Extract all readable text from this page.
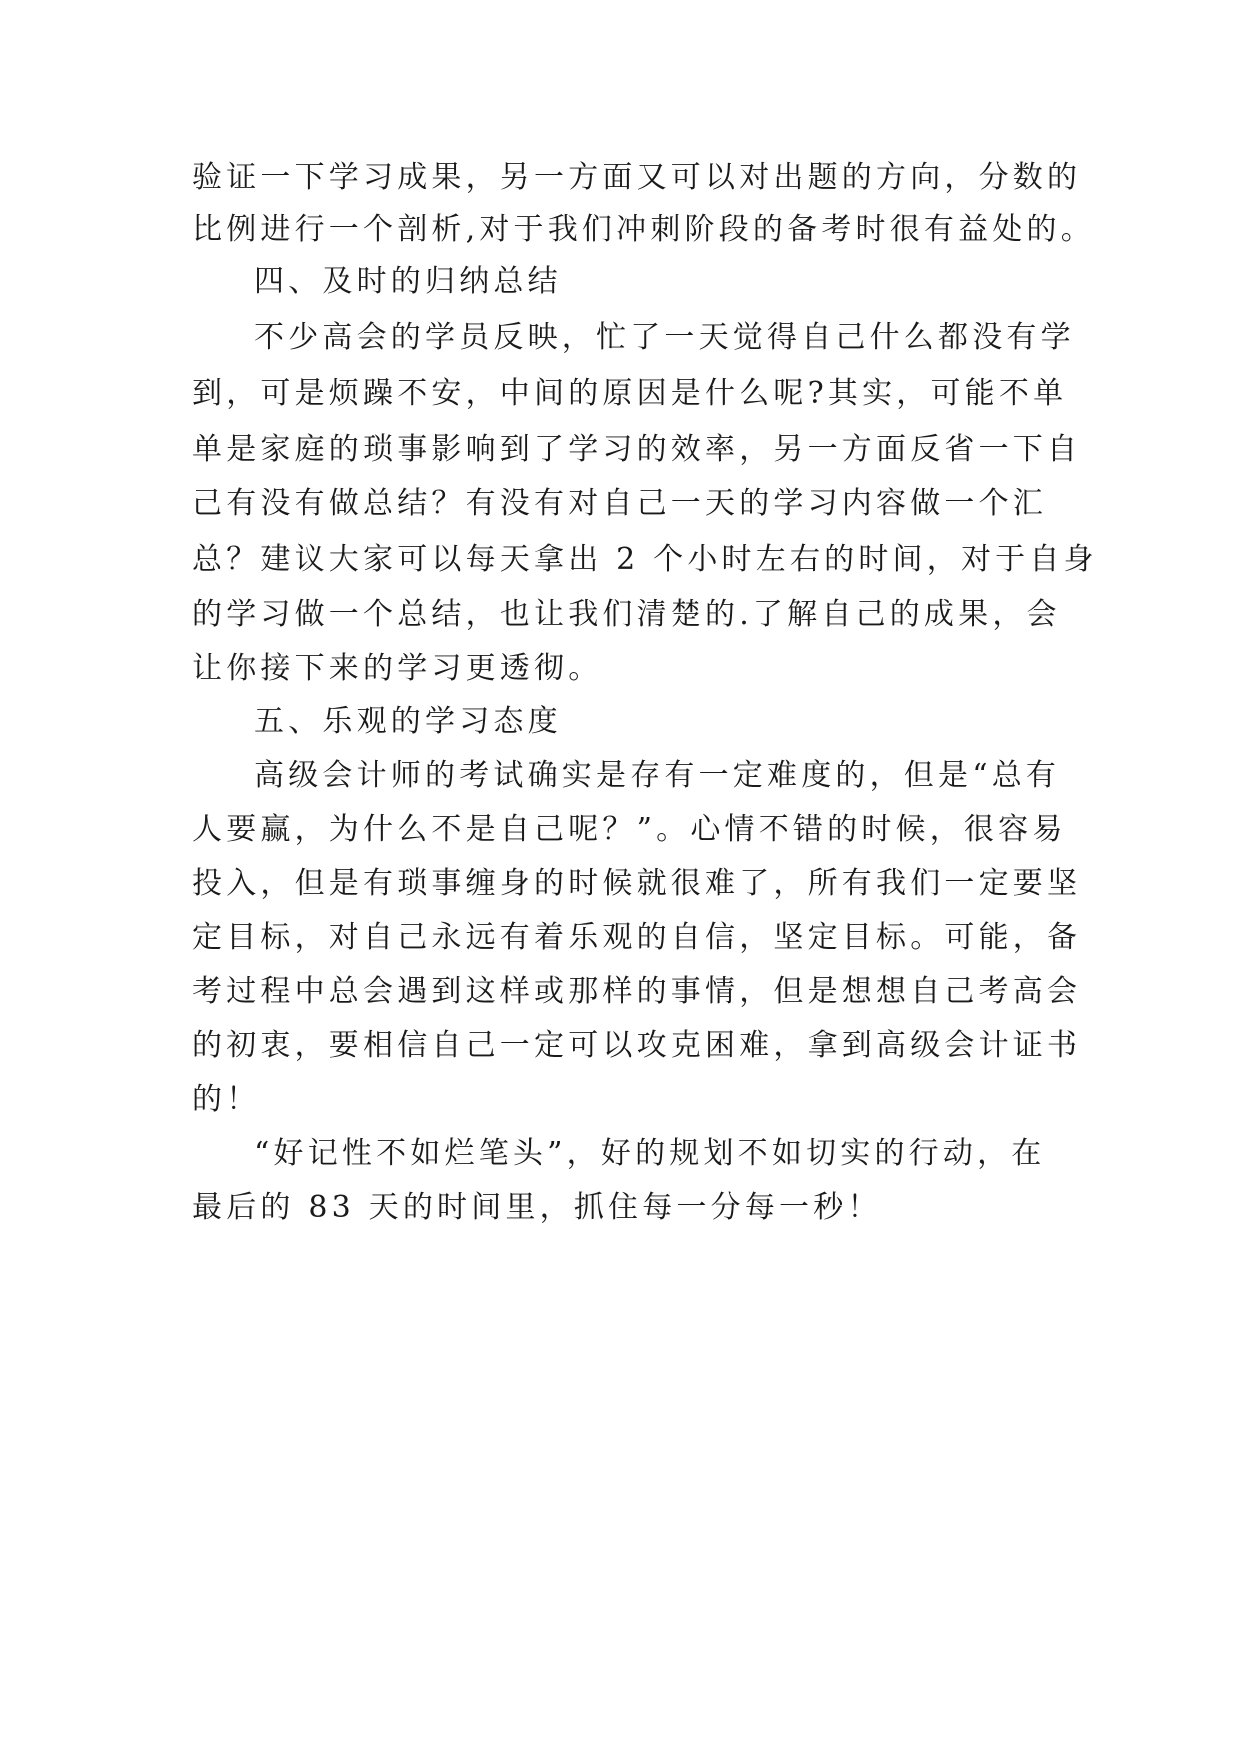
验证一下学习成果，另一方面又可以对出题的方向，分数的
比例进行一个剖析,对于我们冲刺阶段的备考时很有益处的。
四、及时的归纳总结
不少高会的学员反映，忙了一天觉得自己什么都没有学
到，可是烦躁不安，中间的原因是什么呢?其实，可能不单
单是家庭的琐事影响到了学习的效率，另一方面反省一下自
己有没有做总结？有没有对自己一天的学习内容做一个汇
总？建议大家可以每天拿出 2 个小时左右的时间，对于自身
的学习做一个总结，也让我们清楚的.了解自己的成果，会
让你接下来的学习更透彻。
五、乐观的学习态度
高级会计师的考试确实是存有一定难度的，但是“总有
人要赢，为什么不是自己呢？”。心情不错的时候，很容易
投入，但是有琐事缠身的时候就很难了，所有我们一定要坚
定目标，对自己永远有着乐观的自信，坚定目标。可能，备
考过程中总会遇到这样或那样的事情，但是想想自己考高会
的初衷，要相信自己一定可以攻克困难，拿到高级会计证书
的！
“好记性不如烂笔头”，好的规划不如切实的行动，在
最后的 83 天的时间里，抓住每一分每一秒！
